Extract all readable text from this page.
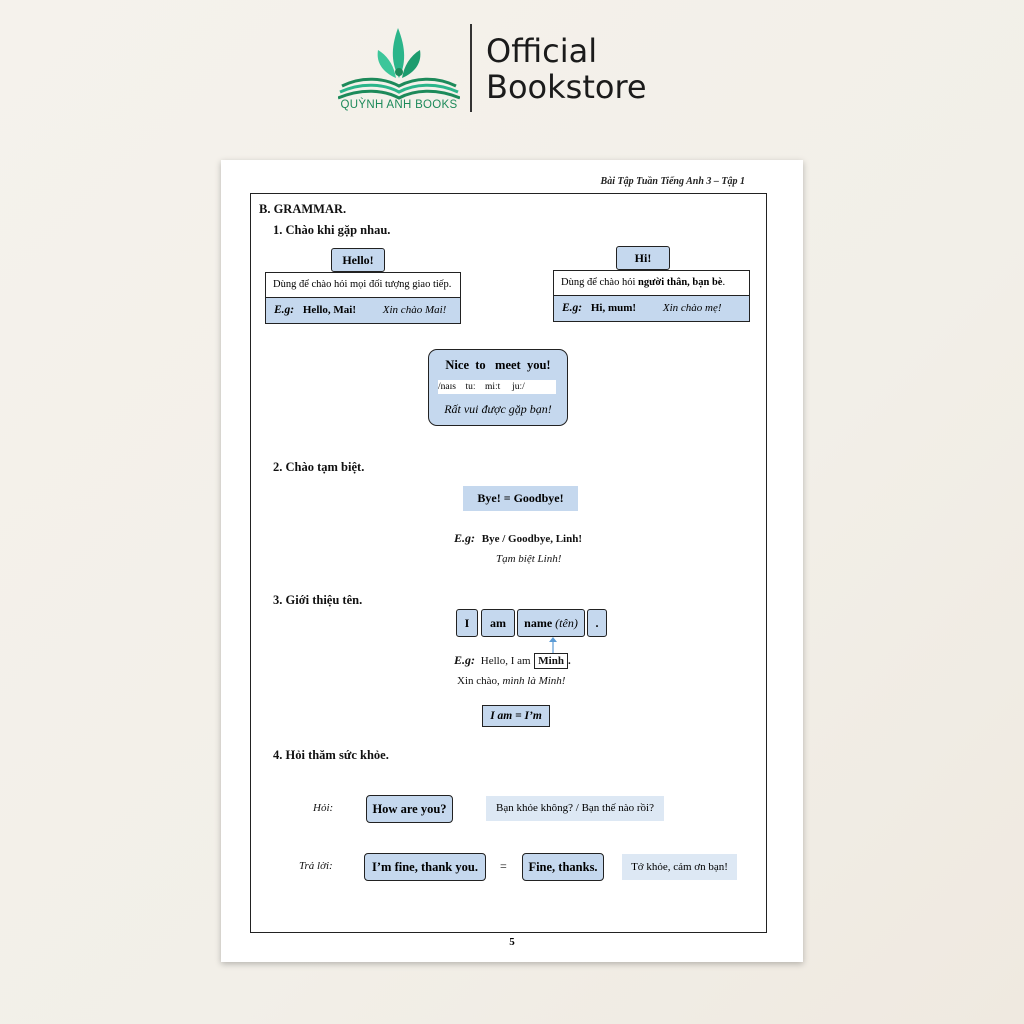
QUỲNH ANH BOOKS
Official
Bookstore
Bài Tập Tuần Tiếng Anh 3 – Tập 1
B. GRAMMAR.
1. Chào khi gặp nhau.
Hello!
Dùng để chào hỏi mọi đối tượng giao tiếp.
E.g: Hello, Mai! Xin chào Mai!
Hi!
Dùng để chào hỏi người thân, bạn bè.
E.g: Hi, mum! Xin chào mẹ!
Nice  to   meet  you!
/naɪs    tuː    miːt     juː/
Rất vui được gặp bạn!
2. Chào tạm biệt.
Bye! = Goodbye!
E.g: Bye / Goodbye, Linh!
Tạm biệt Linh!
3. Giới thiệu tên.
I	am	name (tên)	.
E.g: Hello, I am Minh .
Xin chào, mình là Minh!
I am = I’m
4. Hỏi thăm sức khỏe.
Hỏi:	How are you?	Bạn khỏe không? / Bạn thế nào rồi?
Trả lời:	I’m fine, thank you.	=	Fine, thanks.	Tớ khỏe, cảm ơn bạn!
5
